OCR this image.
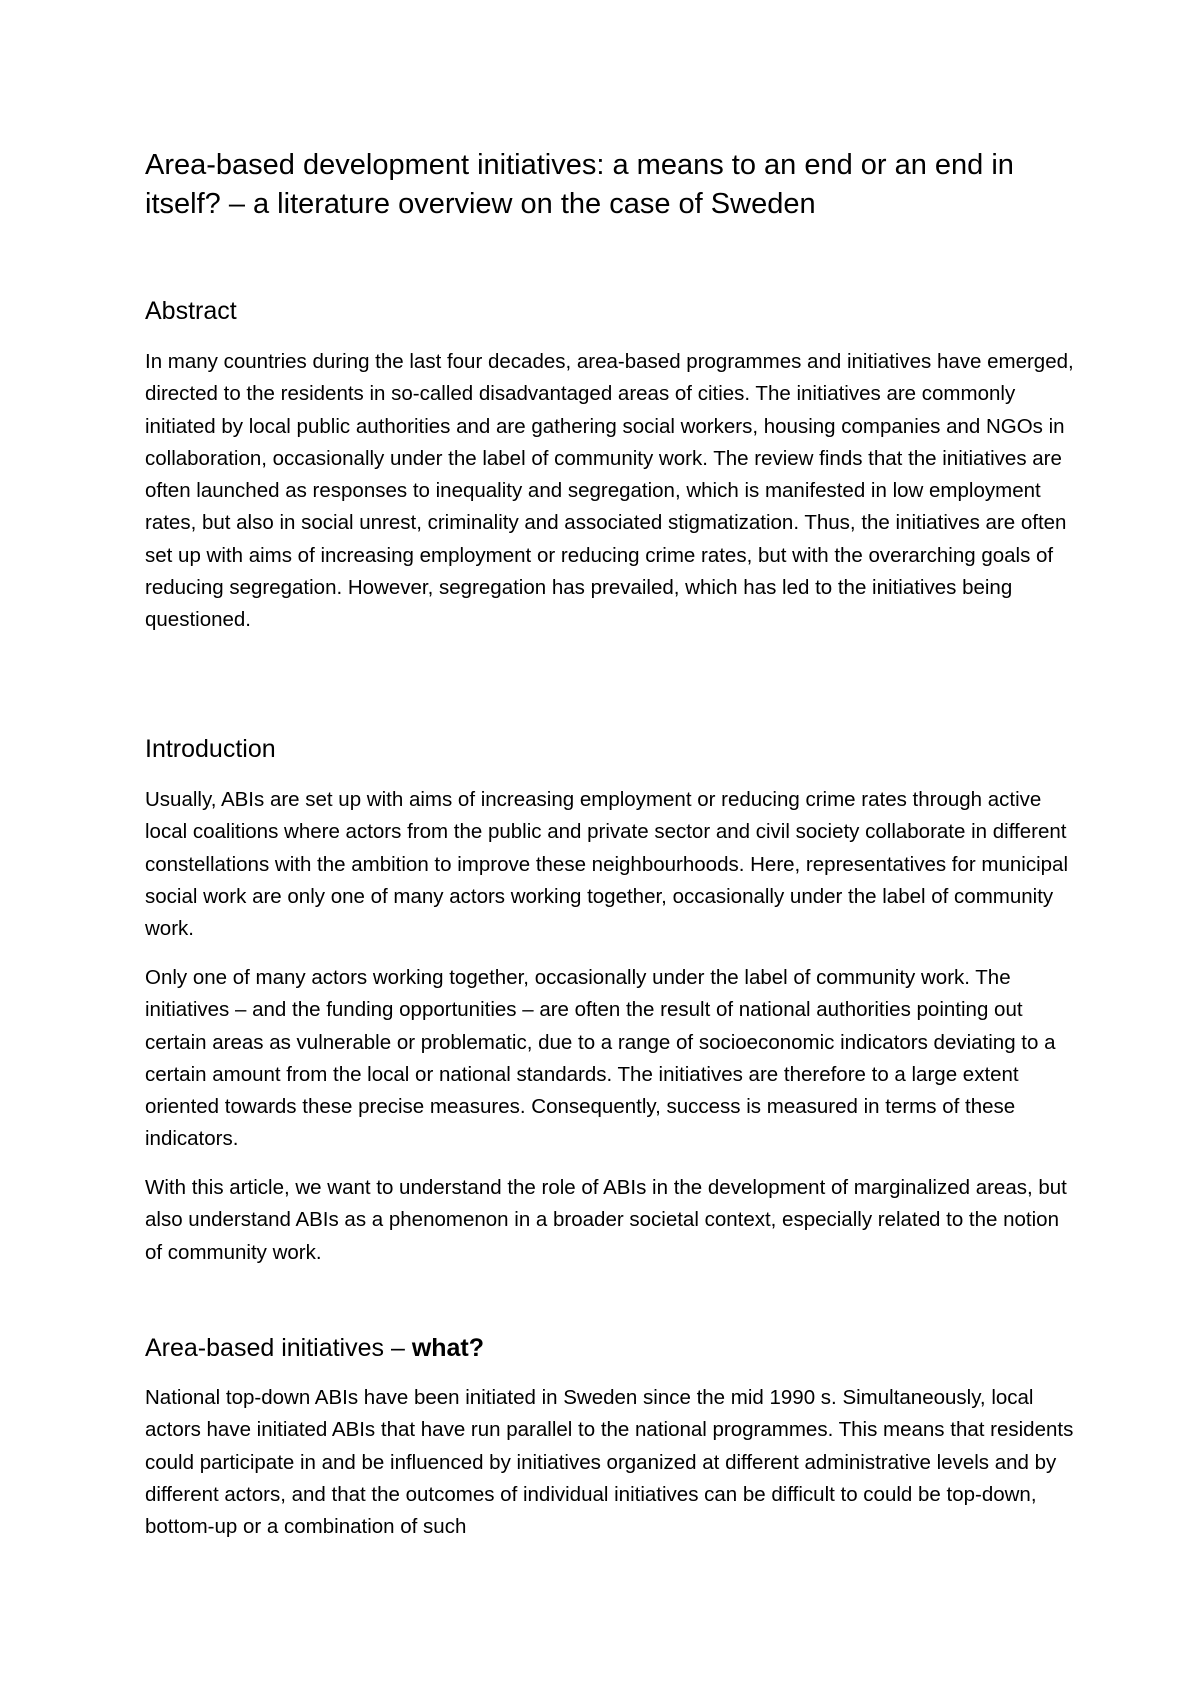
Area-based development initiatives: a means to an end or an end in itself? – a literature overview on the case of Sweden
Abstract

In many countries during the last four decades, area-based programmes and initiatives have emerged, directed to the residents in so-called disadvantaged areas of cities. The initiatives are commonly initiated by local public authorities and are gathering social workers, housing companies and NGOs in collaboration, occasionally under the label of community work. The review finds that the initiatives are often launched as responses to inequality and segregation, which is manifested in low employment rates, but also in social unrest, criminality and associated stigmatization. Thus, the initiatives are often set up with aims of increasing employment or reducing crime rates, but with the overarching goals of reducing segregation. However, segregation has prevailed, which has led to the initiatives being questioned.

Introduction

Usually, ABIs are set up with aims of increasing employment or reducing crime rates through active local coalitions where actors from the public and private sector and civil society collaborate in different constellations with the ambition to improve these neighbourhoods. Here, representatives for municipal social work are only one of many actors working together, occasionally under the label of community work.

Only one of many actors working together, occasionally under the label of community work. The initiatives – and the funding opportunities – are often the result of national authorities pointing out certain areas as vulnerable or problematic, due to a range of socioeconomic indicators deviating to a certain amount from the local or national standards. The initiatives are therefore to a large extent oriented towards these precise measures. Consequently, success is measured in terms of these indicators.

With this article, we want to understand the role of ABIs in the development of marginalized areas, but also understand ABIs as a phenomenon in a broader societal context, especially related to the notion of community work.

Area-based initiatives – what?

National top-down ABIs have been initiated in Sweden since the mid 1990 s. Simultaneously, local actors have initiated ABIs that have run parallel to the national programmes. This means that residents could participate in and be influenced by initiatives organized at different administrative levels and by different actors, and that the outcomes of individual initiatives can be difficult to could be top-down, bottom-up or a combination of such
